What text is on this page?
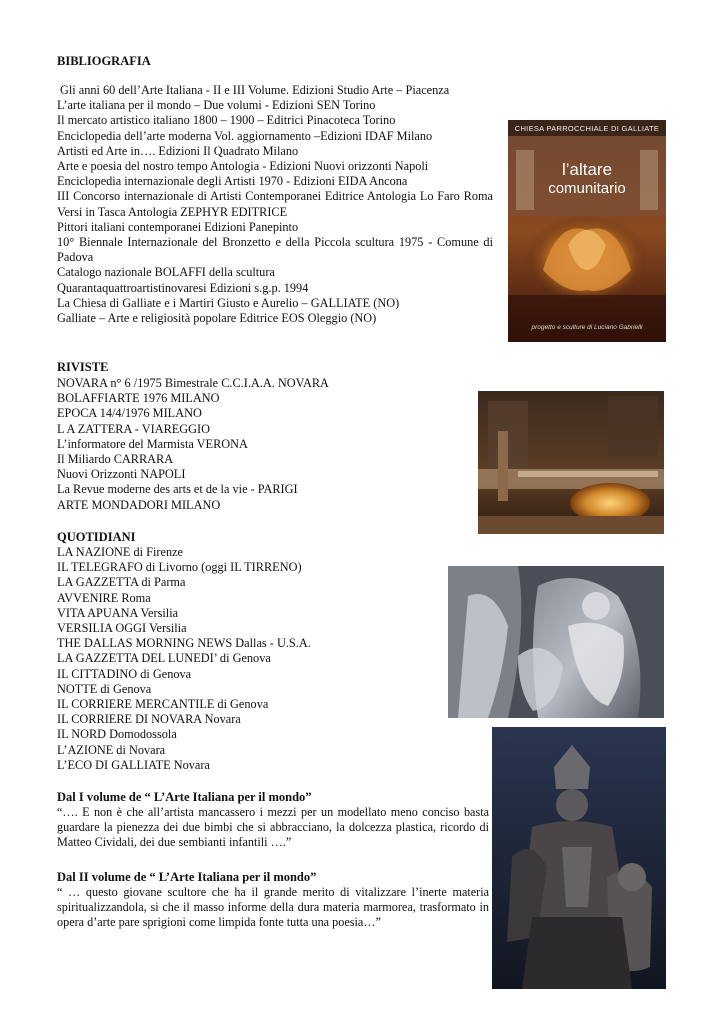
BIBLIOGRAFIA
Gli anni 60 dell’Arte Italiana - II e III Volume. Edizioni Studio Arte – Piacenza
L’arte italiana per il mondo – Due volumi - Edizioni SEN Torino
Il mercato artistico italiano 1800 – 1900 – Editrici Pinacoteca Torino
Enciclopedia dell’arte moderna Vol. aggiornamento –Edizioni IDAF Milano
Artisti ed Arte in…. Edizioni Il Quadrato Milano
Arte e poesia del nostro tempo Antologia - Edizioni Nuovi orizzonti Napoli
Enciclopedia internazionale degli Artisti 1970 - Edizioni EIDA Ancona
III Concorso internazionale di Artisti Contemporanei Editrice Antologia Lo Faro Roma
Versi in Tasca Antologia ZEPHYR EDITRICE
Pittori italiani contemporanei Edizioni Panepinto
10° Biennale Internazionale del Bronzetto e della Piccola scultura 1975 - Comune di Padova
Catalogo nazionale BOLAFFI della scultura
Quarantaquattroartistinovaresi Edizioni s.g.p. 1994
La Chiesa di Galliate e i Martiri Giusto e Aurelio – GALLIATE (NO)
Galliate – Arte e religiosità popolare Editrice EOS Oleggio (NO)
RIVISTE
NOVARA n° 6 /1975 Bimestrale C.C.I.A.A. NOVARA
BOLAFFIARTE 1976 MILANO
EPOCA 14/4/1976 MILANO
L A ZATTERA - VIAREGGIO
L’informatore del Marmista VERONA
Il Miliardo CARRARA
Nuovi Orizzonti NAPOLI
La Revue moderne des arts et de la vie - PARIGI
ARTE MONDADORI MILANO
QUOTIDIANI
LA NAZIONE di Firenze
IL TELEGRAFO di Livorno (oggi IL TIRRENO)
LA GAZZETTA di Parma
AVVENIRE Roma
VITA APUANA Versilia
VERSILIA OGGI Versilia
THE DALLAS MORNING NEWS Dallas - U.S.A.
LA GAZZETTA DEL LUNEDI’ di Genova
IL CITTADINO di Genova
NOTTE di Genova
IL CORRIERE MERCANTILE di Genova
IL CORRIERE DI NOVARA Novara
IL NORD Domodossola
L’AZIONE di Novara
L’ECO DI GALLIATE Novara
Dal I volume de “ L’Arte Italiana per il mondo”
“…. E non è che all’artista mancassero i mezzi per un modellato meno conciso basta guardare la pienezza dei due bimbi che si abbracciano, la dolcezza plastica, ricordo di Matteo Cividali, dei due sembianti infantili ….”
Dal II volume de “ L’Arte Italiana per il mondo”
“ … questo giovane scultore che ha il grande merito di vitalizzare l’inerte materia spiritualizzandola, si che il masso informe della dura materia marmorea, trasformato in opera d’arte pare sprigioni come limpida fonte tutta una poesia…”
CHIESA PARROCCHIALE DI GALLIATE
l’altare
comunitario
progetto e sculture di Luciano Gabrielli
